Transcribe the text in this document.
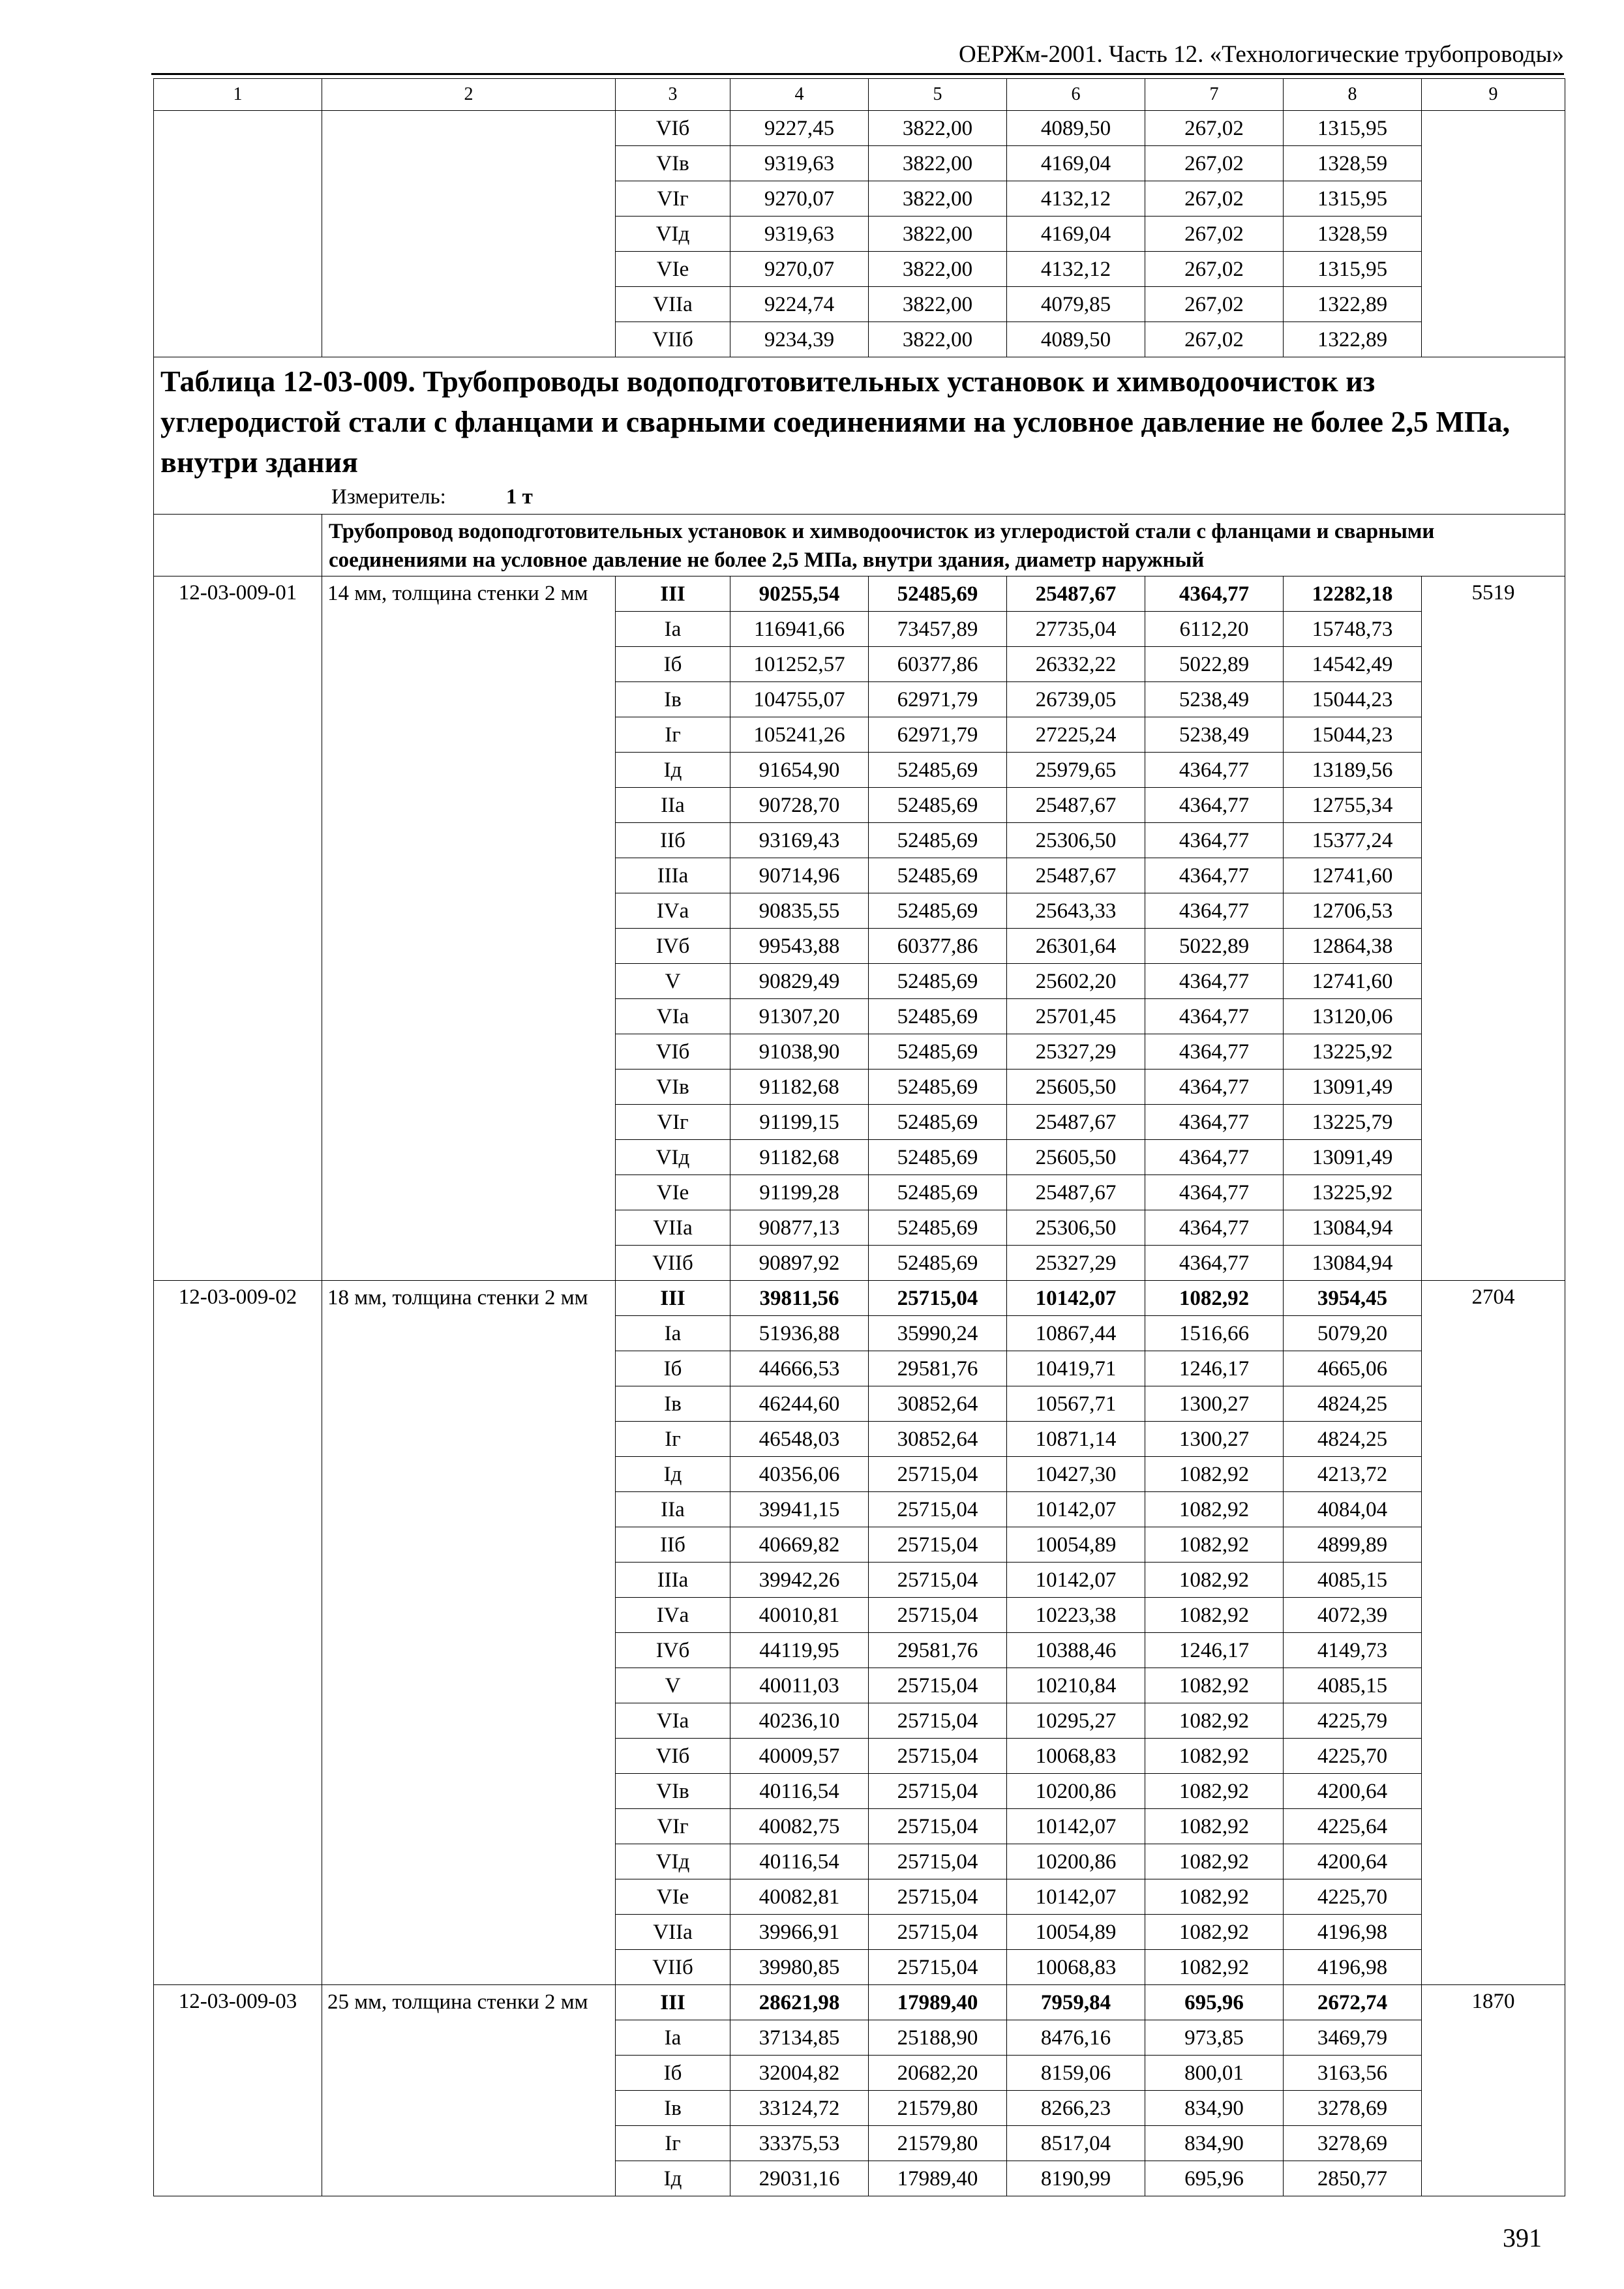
ОЕРЖм-2001. Часть 12. «Технологические трубопроводы»
1	2	3	4	5	6	7	8	9
		VIб	9227,45	3822,00	4089,50	267,02	1315,95	
		VIв	9319,63	3822,00	4169,04	267,02	1328,59	
		VIг	9270,07	3822,00	4132,12	267,02	1315,95	
		VIд	9319,63	3822,00	4169,04	267,02	1328,59	
		VIе	9270,07	3822,00	4132,12	267,02	1315,95	
		VIIа	9224,74	3822,00	4079,85	267,02	1322,89	
		VIIб	9234,39	3822,00	4089,50	267,02	1322,89	

Таблица 12-03-009. Трубопроводы водоподготовительных установок и химводоочисток из углеродистой стали с фланцами и сварными соединениями на условное давление не более 2,5 МПа, внутри здания
Измеритель: 1 т								

	Трубопровод водоподготовительных установок и химводоочисток из углеродистой стали с фланцами и сварными соединениями на условное давление не более 2,5 МПа, внутри здания, диаметр наружный							
12-03-009-01	14 мм, толщина стенки 2 мм	III	90255,54	52485,69	25487,67	4364,77	12282,18	5519
		Iа	116941,66	73457,89	27735,04	6112,20	15748,73	
		Iб	101252,57	60377,86	26332,22	5022,89	14542,49	
		Iв	104755,07	62971,79	26739,05	5238,49	15044,23	
		Iг	105241,26	62971,79	27225,24	5238,49	15044,23	
		Iд	91654,90	52485,69	25979,65	4364,77	13189,56	
		IIа	90728,70	52485,69	25487,67	4364,77	12755,34	
		IIб	93169,43	52485,69	25306,50	4364,77	15377,24	
		IIIа	90714,96	52485,69	25487,67	4364,77	12741,60	
		IVа	90835,55	52485,69	25643,33	4364,77	12706,53	
		IVб	99543,88	60377,86	26301,64	5022,89	12864,38	
		V	90829,49	52485,69	25602,20	4364,77	12741,60	
		VIа	91307,20	52485,69	25701,45	4364,77	13120,06	
		VIб	91038,90	52485,69	25327,29	4364,77	13225,92	
		VIв	91182,68	52485,69	25605,50	4364,77	13091,49	
		VIг	91199,15	52485,69	25487,67	4364,77	13225,79	
		VIд	91182,68	52485,69	25605,50	4364,77	13091,49	
		VIе	91199,28	52485,69	25487,67	4364,77	13225,92	
		VIIа	90877,13	52485,69	25306,50	4364,77	13084,94	
		VIIб	90897,92	52485,69	25327,29	4364,77	13084,94	
12-03-009-02	18 мм, толщина стенки 2 мм	III	39811,56	25715,04	10142,07	1082,92	3954,45	2704
		Iа	51936,88	35990,24	10867,44	1516,66	5079,20	
		Iб	44666,53	29581,76	10419,71	1246,17	4665,06	
		Iв	46244,60	30852,64	10567,71	1300,27	4824,25	
		Iг	46548,03	30852,64	10871,14	1300,27	4824,25	
		Iд	40356,06	25715,04	10427,30	1082,92	4213,72	
		IIа	39941,15	25715,04	10142,07	1082,92	4084,04	
		IIб	40669,82	25715,04	10054,89	1082,92	4899,89	
		IIIа	39942,26	25715,04	10142,07	1082,92	4085,15	
		IVа	40010,81	25715,04	10223,38	1082,92	4072,39	
		IVб	44119,95	29581,76	10388,46	1246,17	4149,73	
		V	40011,03	25715,04	10210,84	1082,92	4085,15	
		VIа	40236,10	25715,04	10295,27	1082,92	4225,79	
		VIб	40009,57	25715,04	10068,83	1082,92	4225,70	
		VIв	40116,54	25715,04	10200,86	1082,92	4200,64	
		VIг	40082,75	25715,04	10142,07	1082,92	4225,64	
		VIд	40116,54	25715,04	10200,86	1082,92	4200,64	
		VIе	40082,81	25715,04	10142,07	1082,92	4225,70	
		VIIа	39966,91	25715,04	10054,89	1082,92	4196,98	
		VIIб	39980,85	25715,04	10068,83	1082,92	4196,98	
12-03-009-03	25 мм, толщина стенки 2 мм	III	28621,98	17989,40	7959,84	695,96	2672,74	1870
		Iа	37134,85	25188,90	8476,16	973,85	3469,79	
		Iб	32004,82	20682,20	8159,06	800,01	3163,56	
		Iв	33124,72	21579,80	8266,23	834,90	3278,69	
		Iг	33375,53	21579,80	8517,04	834,90	3278,69	
		Iд	29031,16	17989,40	8190,99	695,96	2850,77	
391
